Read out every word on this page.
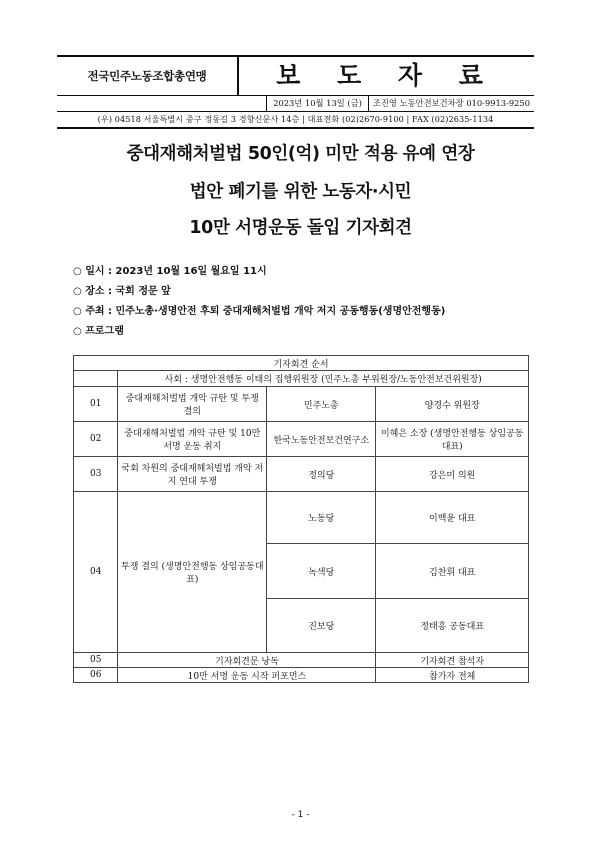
전국민주노동조합총연맹	보 도 자 료
2023년 10월 13일 (금)	조진영 노동안전보건차장 010-9913-9250
(우) 04518 서울특별시 중구 정동길 3 경향신문사 14층 | 대표전화 (02)2670-9100 | FAX (02)2635-1134
중대재해처벌법 50인(억) 미만 적용 유예 연장
법안 폐기를 위한 노동자·시민
10만 서명운동 돌입 기자회견
○ 일시 : 2023년 10월 16일 월요일 11시
○ 장소 : 국회 정문 앞
○ 주최 : 민주노총·생명안전 후퇴 중대재해처벌법 개악 저지 공동행동(생명안전행동)
○ 프로그램
기자회견 순서			
	사회 : 생명안전행동 이태의 집행위원장 (민주노총 부위원장/노동안전보건위원장)		
01	중대재해처벌법 개악 규탄 및 투쟁 결의	민주노총	양경수 위원장
02	중대재해처벌법 개악 규탄 및 10만 서명 운동 취지	한국노동안전보건연구소	이혜은 소장 (생명안전행동 상임공동대표)
03	국회 차원의 중대재해처벌법 개악 저지 연대 투쟁	정의당	강은미 의원
04	투쟁 결의 (생명안전행동 상임공동대표)	노동당	이백윤 대표
		녹색당	김찬휘 대표
		진보당	정태흥 공동대표
05	기자회견문 낭독		기자회견 참석자
06	10만 서명 운동 시작 퍼포먼스		참가자 전체
- 1 -
